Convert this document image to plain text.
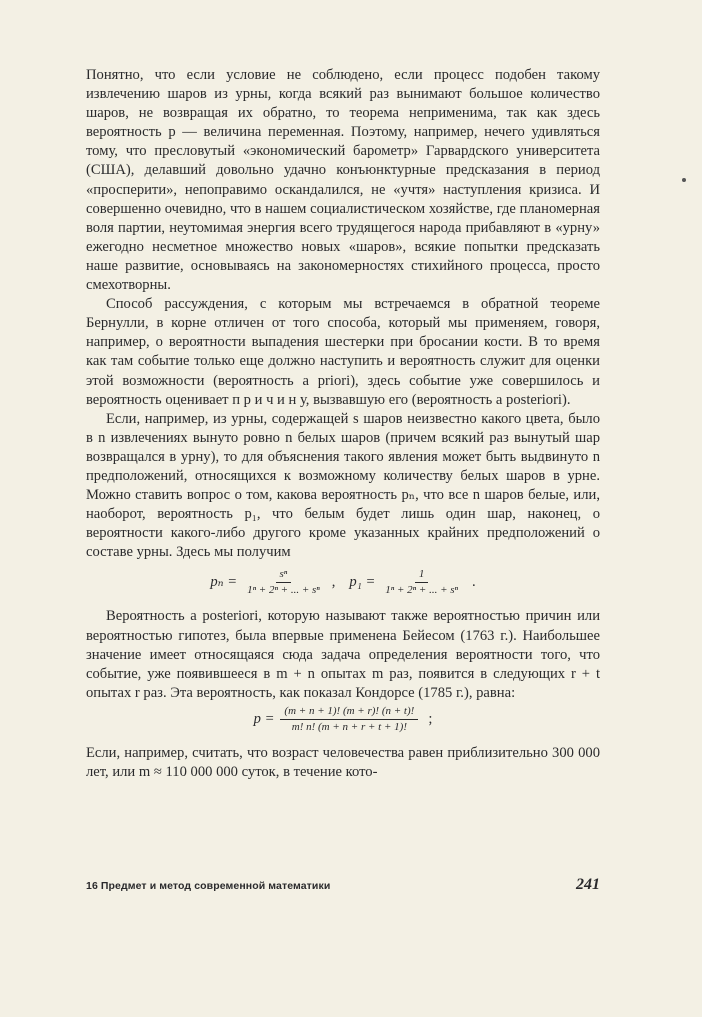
Понятно, что если условие не соблюдено, если процесс подобен такому извлечению шаров из урны, когда всякий раз вынимают большое количество шаров, не возвращая их обратно, то теорема неприменима, так как здесь вероятность p — величина переменная. Поэтому, например, нечего удивляться тому, что пресловутый «экономический барометр» Гарвардского университета (США), делавший довольно удачно конъюнктурные предсказания в период «просперити», непоправимо оскандалился, не «учтя» наступления кризиса. И совершенно очевидно, что в нашем социалистическом хозяйстве, где планомерная воля партии, неутомимая энергия всего трудящегося народа прибавляют в «урну» ежегодно несметное множество новых «шаров», всякие попытки предсказать наше развитие, основываясь на закономерностях стихийного процесса, просто смехотворны.

Способ рассуждения, с которым мы встречаемся в обратной теореме Бернулли, в корне отличен от того способа, который мы применяем, говоря, например, о вероятности выпадения шестерки при бросании кости. В то время как там событие только еще должно наступить и вероятность служит для оценки этой возможности (вероятность a priori), здесь событие уже совершилось и вероятность оценивает п р и ч и н у, вызвавшую его (вероятность a posteriori).

Если, например, из урны, содержащей s шаров неизвестно какого цвета, было в n извлечениях вынуто ровно n белых шаров (причем всякий раз вынутый шар возвращался в урну), то для объяснения такого явления может быть выдвинуто n предположений, относящихся к возможному количеству белых шаров в урне. Можно ставить вопрос о том, какова вероятность pₙ, что все n шаров белые, или, наоборот, вероятность p₁, что белым будет лишь один шар, наконец, о вероятности какого-либо другого кроме указанных крайних предположений о составе урны. Здесь мы получим

$p_n = \frac{\text{sⁿ}}{\text{1ⁿ + 2ⁿ + ... + sⁿ}}$ , $p_1 = \frac{1}{\text{1ⁿ + 2ⁿ + ... + sⁿ}}$ .

Вероятность a posteriori, которую называют также вероятностью причин или вероятностью гипотез, была впервые применена Бейесом (1763 г.). Наибольшее значение имеет относящаяся сюда задача определения вероятности того, что событие, уже появившееся в m + n опытах m раз, появится в следующих r + t опытах r раз. Эта вероятность, как показал Кондорсе (1785 г.), равна:

$p = \frac{(m + n + 1)! (m + r)! (n + t)!}{m! n! (m + n + r + t + 1)!}$ ;

Если, например, считать, что возраст человечества равен приблизительно 300 000 лет, или m ≈ 110 000 000 суток, в течение кото-

16 Предмет и метод современной математики	241
